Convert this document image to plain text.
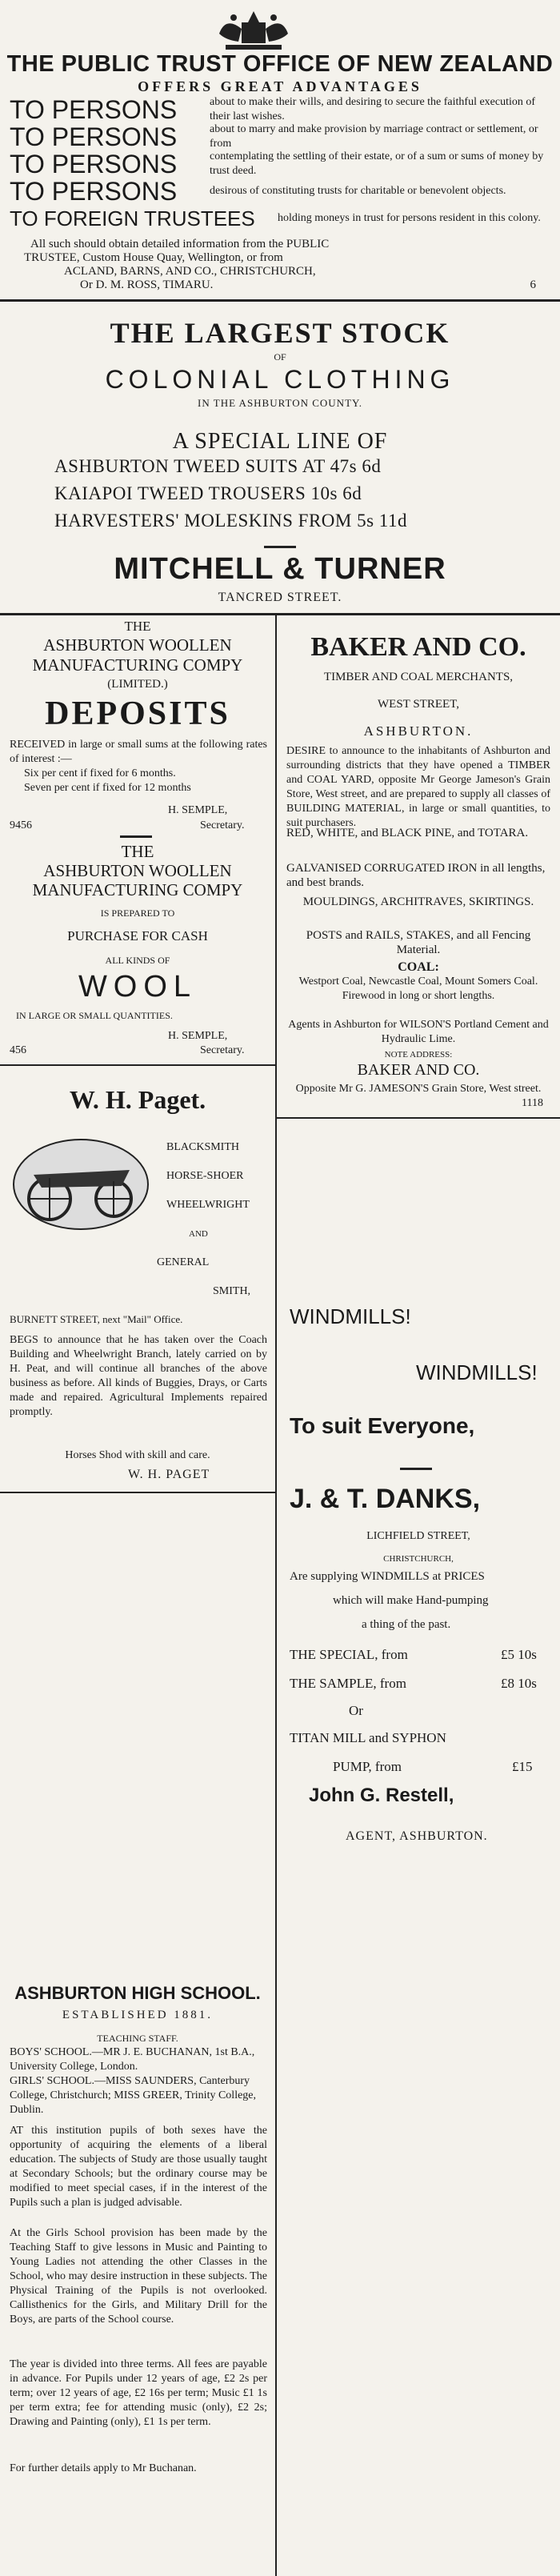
THE PUBLIC TRUST OFFICE OF NEW ZEALAND
OFFERS GREAT ADVANTAGES
TO PERSONS	about to make their wills, and desiring to secure the faithful execution of their last wishes.
TO PERSONS	about to marry and make provision by marriage contract or settlement, or from
TO PERSONS	contemplating the settling of their estate, or of a sum or sums of money by trust deed.
TO PERSONS	desirous of constituting trusts for charitable or benevolent objects.
TO FOREIGN TRUSTEES	holding moneys in trust for persons resident in this colony.
All such should obtain detailed information from the PUBLIC
TRUSTEE, Custom House Quay, Wellington, or from
ACLAND, BARNS, AND CO., CHRISTCHURCH,
Or D. M. ROSS, TIMARU.	6
THE LARGEST STOCK
OF
COLONIAL CLOTHING
IN THE ASHBURTON COUNTY.
A SPECIAL LINE OF
ASHBURTON TWEED SUITS AT 47s 6d
KAIAPOI TWEED TROUSERS 10s 6d
HARVESTERS' MOLESKINS FROM 5s 11d
MITCHELL & TURNER
TANCRED STREET.
THE
ASHBURTON WOOLLEN
MANUFACTURING COMPY
(LIMITED.)
DEPOSITS
RECEIVED in large or small sums at the following rates of interest :—
Six per cent if fixed for 6 months.
Seven per cent if fixed for 12 months
H. SEMPLE,
9456	Secretary.
THE
ASHBURTON WOOLLEN
MANUFACTURING COMPY
IS PREPARED TO
PURCHASE FOR CASH
ALL KINDS OF
WOOL
IN LARGE OR SMALL QUANTITIES.
H. SEMPLE,
456	Secretary.
W. H. Paget.
BLACKSMITH
HORSE-SHOER
WHEELWRIGHT
AND
GENERAL
SMITH,
BURNETT STREET, next "Mail" Office.
BEGS to announce that he has taken over the Coach Building and Wheelwright Branch, lately carried on by H. Peat, and will continue all branches of the above business as before. All kinds of Buggies, Drays, or Carts made and repaired. Agricultural Implements repaired promptly.
Horses Shod with skill and care.
W. H. PAGET
ASHBURTON HIGH SCHOOL.
ESTABLISHED 1881.
TEACHING STAFF.
BOYS' SCHOOL.—MR J. E. BUCHANAN, 1st B.A., University College, London.
GIRLS' SCHOOL.—MISS SAUNDERS, Canterbury College, Christchurch; MISS GREER, Trinity College, Dublin.
AT this institution pupils of both sexes have the opportunity of acquiring the elements of a liberal education. The subjects of Study are those usually taught at Secondary Schools; but the ordinary course may be modified to meet special cases, if in the interest of the Pupils such a plan is judged advisable.
At the Girls School provision has been made by the Teaching Staff to give lessons in Music and Painting to Young Ladies not attending the other Classes in the School, who may desire instruction in these subjects. The Physical Training of the Pupils is not overlooked. Callisthenics for the Girls, and Military Drill for the Boys, are parts of the School course.
The year is divided into three terms. All fees are payable in advance. For Pupils under 12 years of age, £2 2s per term; over 12 years of age, £2 16s per term; Music £1 1s per term extra; fee for attending music (only), £2 2s; Drawing and Painting (only), £1 1s per term.
For further details apply to Mr Buchanan.
BAKER AND CO.
TIMBER AND COAL MERCHANTS,
WEST STREET,
ASHBURTON.
DESIRE to announce to the inhabitants of Ashburton and surrounding districts that they have opened a TIMBER and COAL YARD, opposite Mr George Jameson's Grain Store, West street, and are prepared to supply all classes of BUILDING MATERIAL, in large or small quantities, to suit purchasers.
RED, WHITE, and BLACK PINE, and TOTARA.
GALVANISED CORRUGATED IRON in all lengths, and best brands.
MOULDINGS, ARCHITRAVES, SKIRTINGS.
POSTS and RAILS, STAKES, and all Fencing Material.
COAL:
Westport Coal, Newcastle Coal, Mount Somers Coal. Firewood in long or short lengths.
Agents in Ashburton for WILSON'S Portland Cement and Hydraulic Lime.
NOTE ADDRESS:
BAKER AND CO.
Opposite Mr G. JAMESON'S Grain Store, West street.
1118
WINDMILLS!
WINDMILLS!
To suit Everyone,
J. & T. DANKS,
LICHFIELD STREET,
CHRISTCHURCH,
Are supplying WINDMILLS at PRICES
which will make Hand-pumping
a thing of the past.
THE SPECIAL, from	£5 10s
THE SAMPLE, from	£8 10s
Or
TITAN MILL and SYPHON
PUMP, from	£15
John G. Restell,
AGENT, ASHBURTON.
